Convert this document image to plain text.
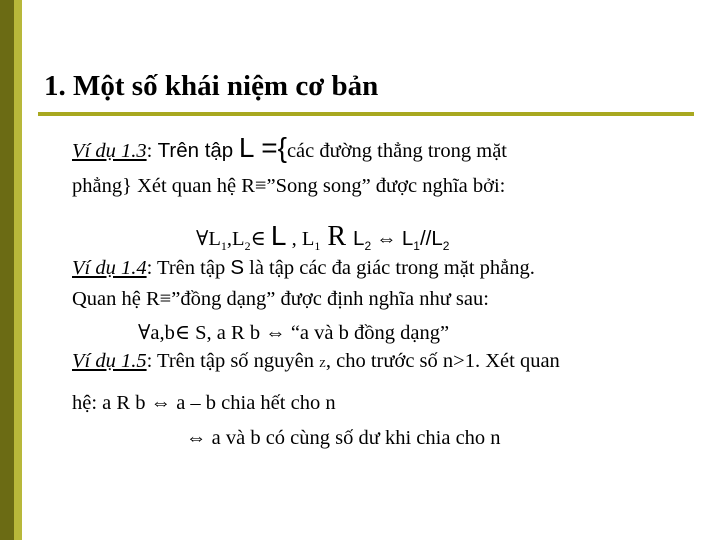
1. Một số khái niệm cơ bản
Ví dụ 1.3: Trên tập L ={các đường thẳng trong mặt
phẳng} Xét quan hệ R≡”Song song” được nghĩa bởi:
$\forall L_1,L_2\in$ L , $L_1$ R $L_2$ ⇔ $L_1//L_2$
Ví dụ 1.4: Trên tập S là tập các đa giác trong mặt phẳng.
Quan hệ R≡”đồng dạng” được định nghĩa như sau:
∀a,b∈ S, a R b ⇔ “a và b đồng dạng”
Ví dụ 1.5: Trên tập số nguyên Z, cho trước số n>1. Xét quan
hệ: a R b ⇔ a – b chia hết cho n
⇔ a và b có cùng số dư khi chia cho n
